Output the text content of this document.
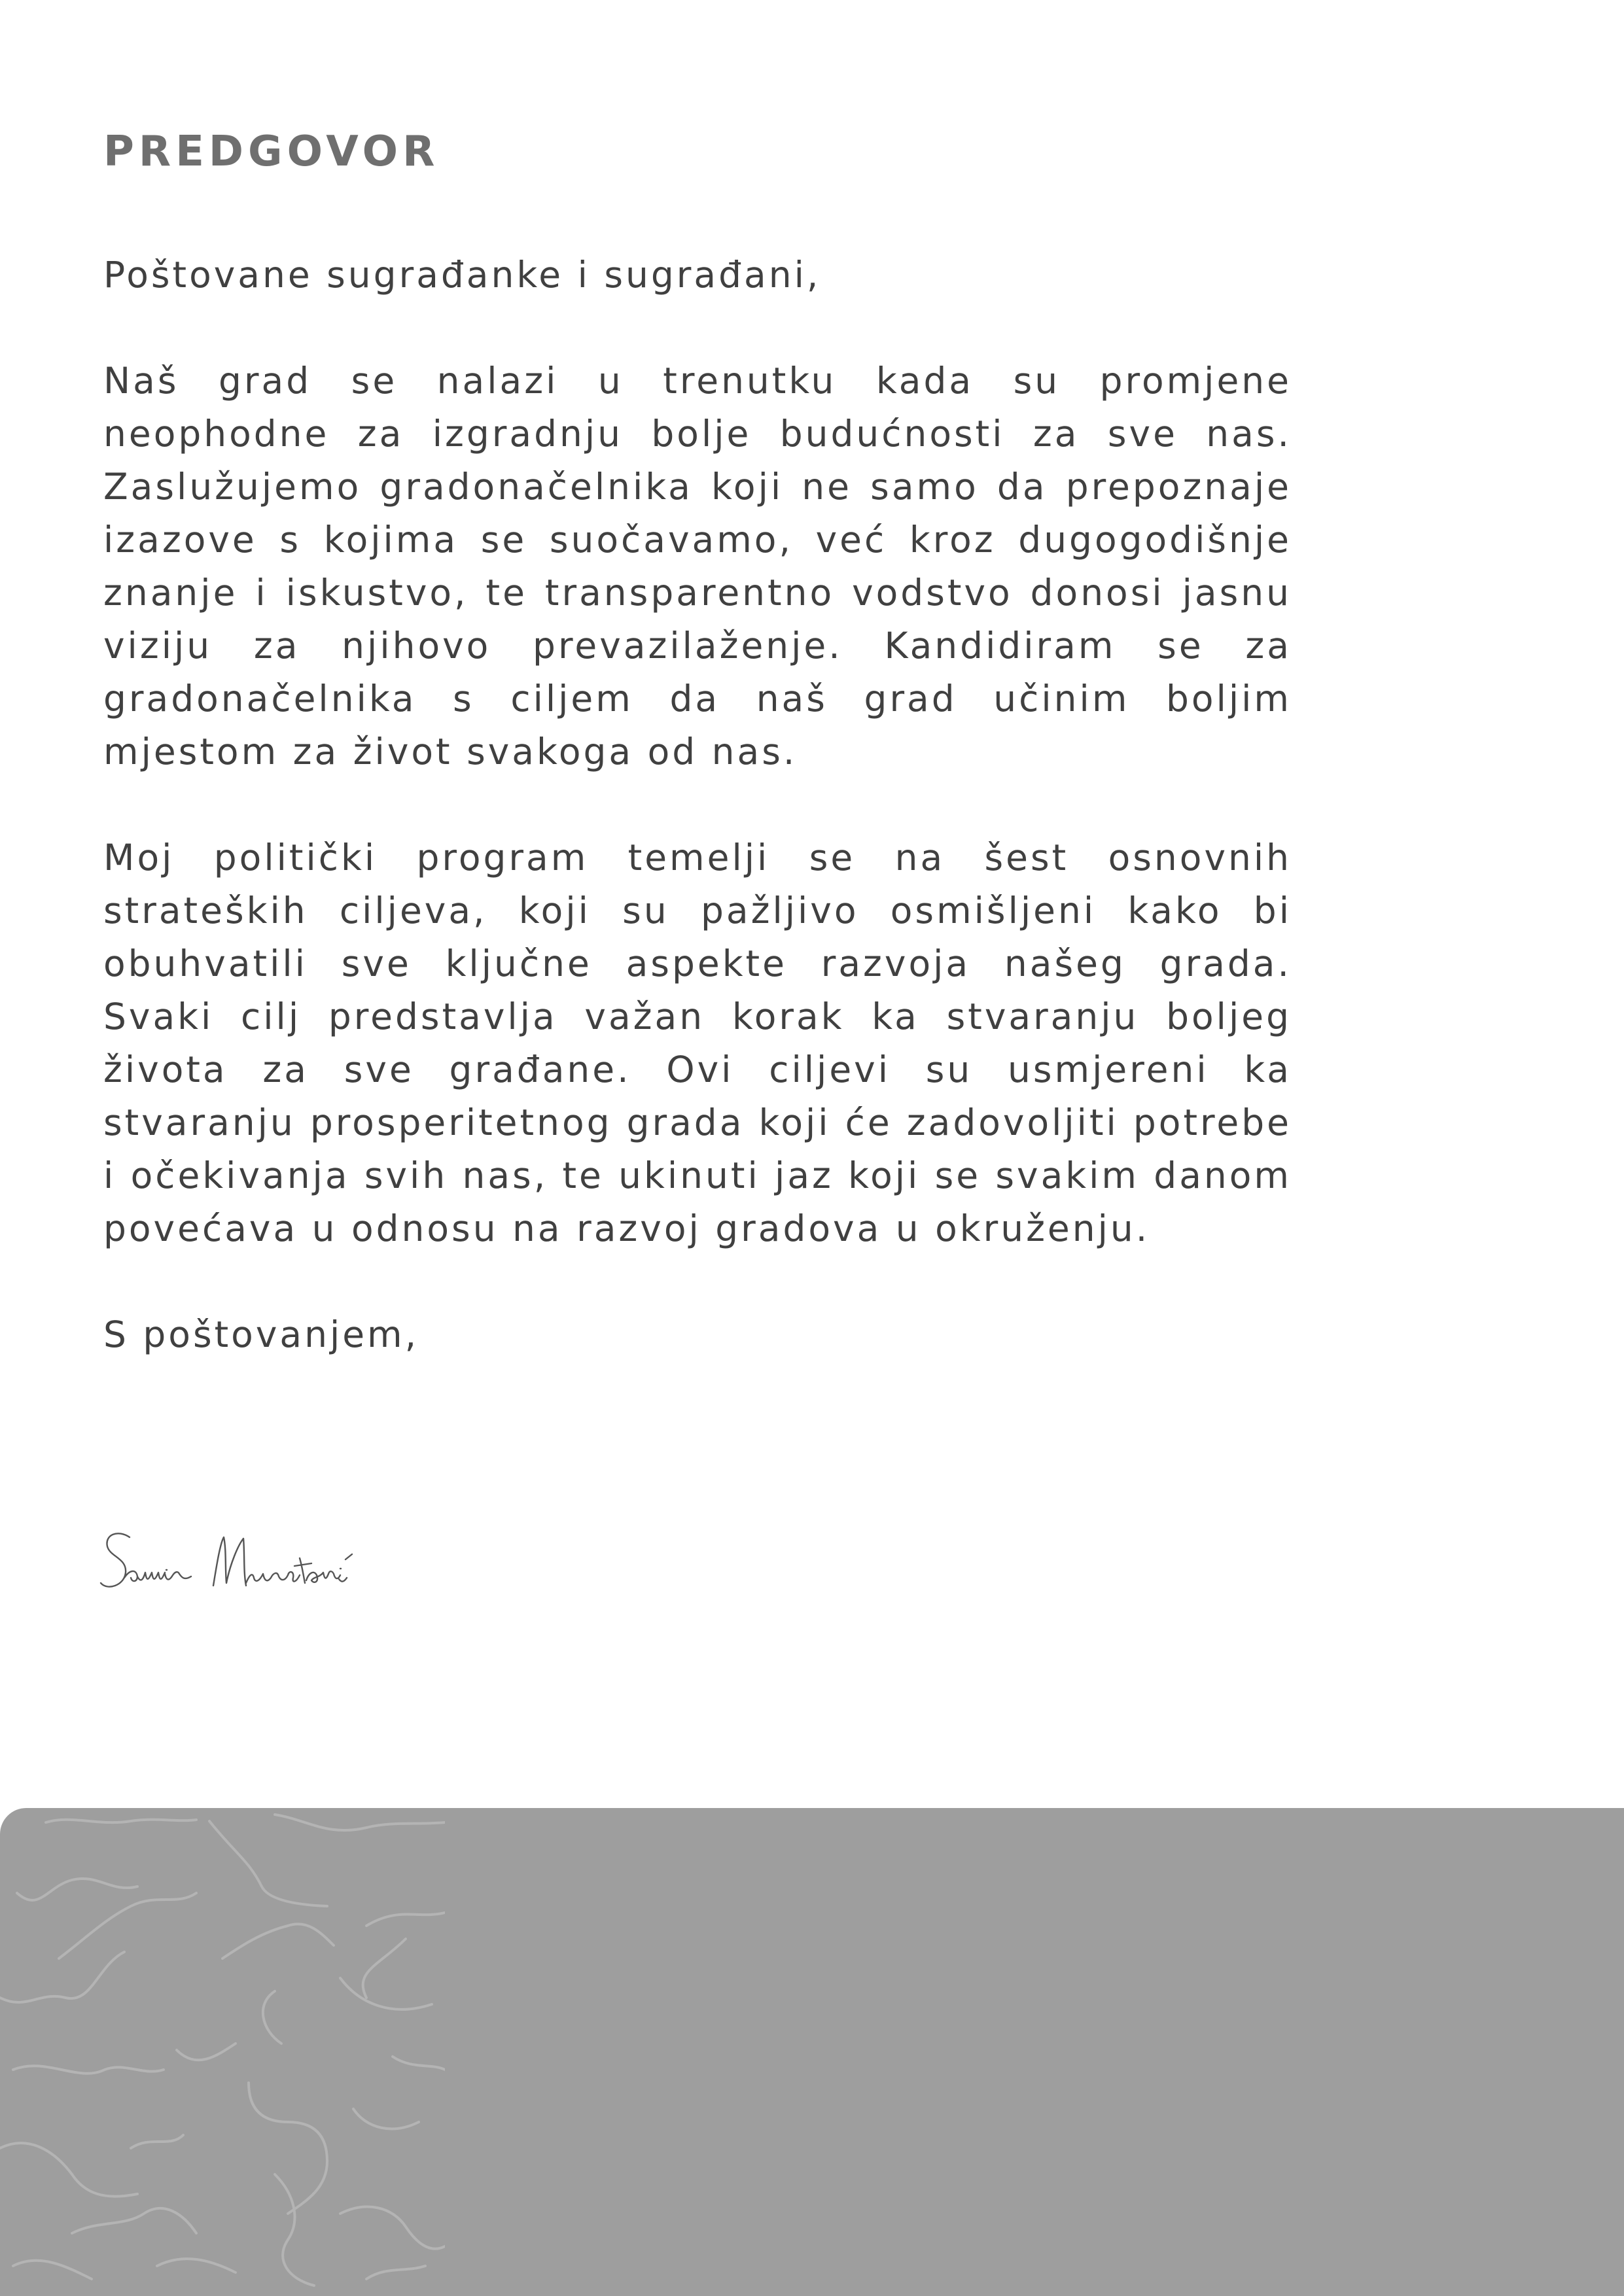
PREDGOVOR

Poštovane sugrađanke i sugrađani,

Naš grad se nalazi u trenutku kada su promjene neophodne za izgradnju bolje budućnosti za sve nas. Zaslužujemo gradonačelnika koji ne samo da prepoznaje izazove s kojima se suočavamo, već kroz dugogodišnje znanje i iskustvo, te transparentno vodstvo donosi jasnu viziju za njihovo prevazilaženje. Kandidiram se za gradonačelnika s ciljem da naš grad učinim boljim mjestom za život svakoga od nas.

Moj politički program temelji se na šest osnovnih strateških ciljeva, koji su pažljivo osmišljeni kako bi obuhvatili sve ključne aspekte razvoja našeg grada. Svaki cilj predstavlja važan korak ka stvaranju boljeg života za sve građane. Ovi ciljevi su usmjereni ka stvaranju prosperitetnog grada koji će zadovoljiti potrebe i očekivanja svih nas, te ukinuti jaz koji se svakim danom povećava u odnosu na razvoj gradova u okruženju.

S poštovanjem,
